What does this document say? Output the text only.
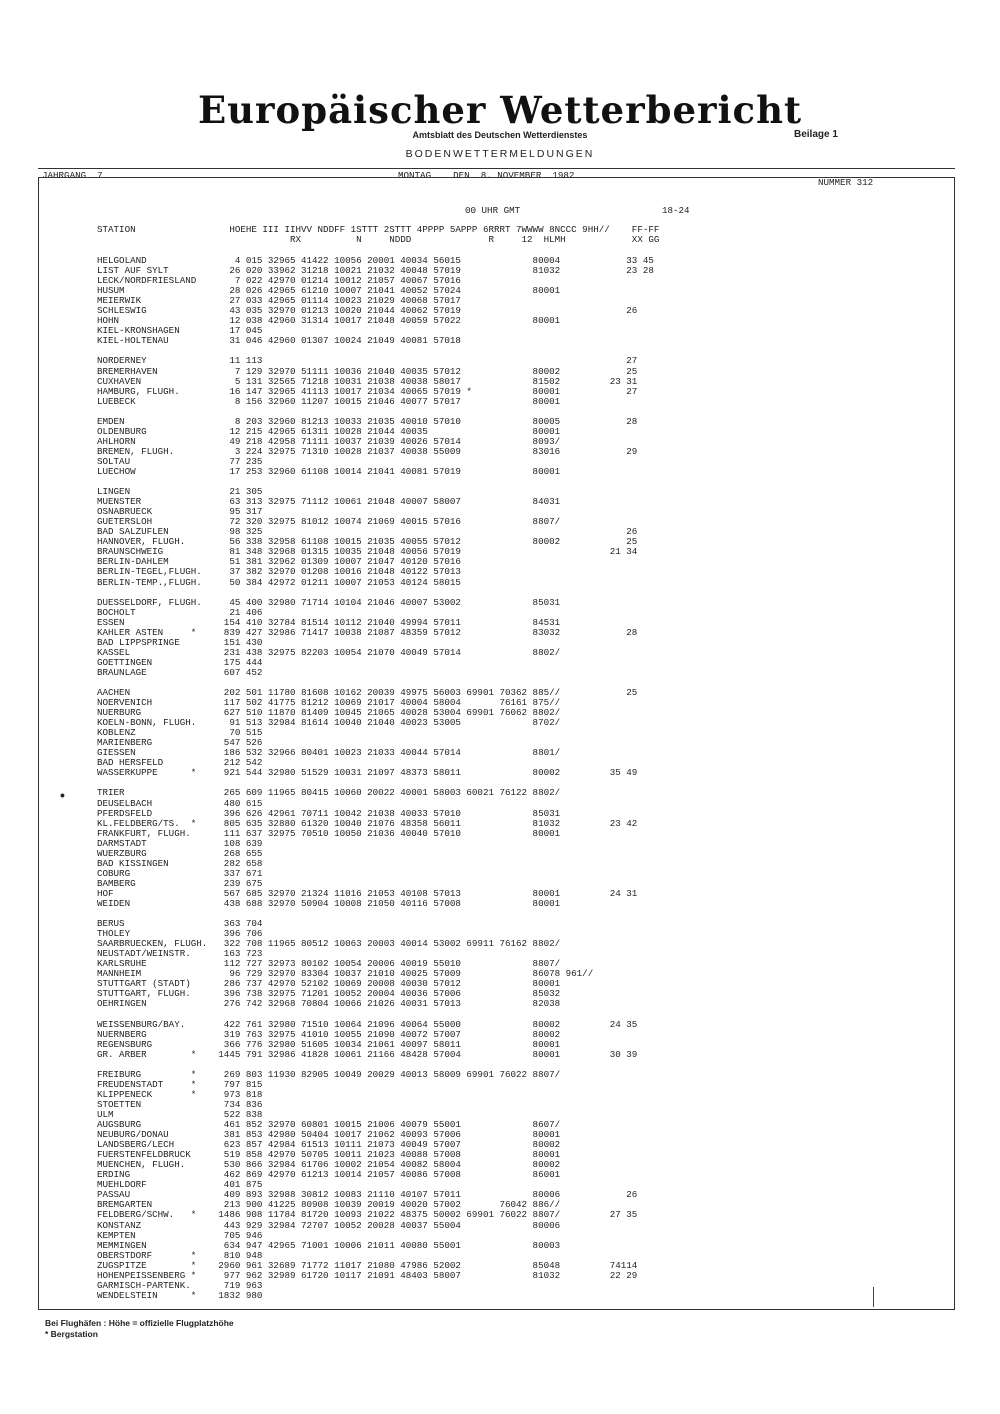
Europäischer Wetterbericht
Amtsblatt des Deutschen Wetterdienstes	Beilage 1
BODENWETTERMELDUNGEN
JAHRGANG  7	MONTAG    DEN  8. NOVEMBER  1982
NUMMER 312
00 UHR GMT	18-24
STATION                 HOEHE III IIHVV NDDFF 1STTT 2STTT 4PPPP 5APPP 6RRRT 7WWWW 8NCCC 9HH//    FF-FF
RX          N     NDDD              R     12  HLMH            XX GG
HELGOLAND                4 015 32965 41422 10056 20001 40034 56015             80004            33 45
LIST AUF SYLT           26 020 33962 31218 10021 21032 40048 57019             81032            23 28
LECK/NORDFRIESLAND       7 022 42970 01214 10012 21057 40067 57016
HUSUM                   28 026 42965 61210 10007 21041 40052 57024             80001
MEIERWIK                27 033 42965 01114 10023 21029 40068 57017
SCHLESWIG               43 035 32970 01213 10020 21044 40062 57019                              26
HOHN                    12 038 42960 31314 10017 21048 40059 57022             80001
KIEL-KRONSHAGEN         17 045
KIEL-HOLTENAU           31 046 42960 01307 10024 21049 40081 57018
NORDERNEY               11 113                                                                  27
BREMERHAVEN              7 129 32970 51111 10036 21040 40035 57012             80002            25
CUXHAVEN                 5 131 32565 71218 10031 21038 40038 58017             81502         23 31
HAMBURG, FLUGH.         16 147 32965 41113 10017 21034 40065 57019 *           80001            27
LUEBECK                  8 156 32960 11207 10015 21046 40077 57017             80001
EMDEN                    8 203 32960 81213 10033 21035 40010 57010             80005            28
OLDENBURG               12 215 42965 61311 10028 21044 40035                   80001
AHLHORN                 49 218 42958 71111 10037 21039 40026 57014             8093/
BREMEN, FLUGH.           3 224 32975 71310 10028 21037 40038 55009             83016            29
SOLTAU                  77 235
LUECHOW                 17 253 32960 61108 10014 21041 40081 57019             80001
LINGEN                  21 305
MUENSTER                63 313 32975 71112 10061 21048 40007 58007             84031
OSNABRUECK              95 317
GUETERSLOH              72 320 32975 81012 10074 21069 40015 57016             8807/
BAD SALZUFLEN           98 325                                                                  26
HANNOVER, FLUGH.        56 338 32958 61108 10015 21035 40055 57012             80002            25
BRAUNSCHWEIG            81 348 32968 01315 10035 21048 40056 57019                           21 34
BERLIN-DAHLEM           51 381 32962 01309 10007 21047 40120 57016
BERLIN-TEGEL,FLUGH.     37 382 32970 01208 10016 21048 40122 57013
BERLIN-TEMP.,FLUGH.     50 384 42972 01211 10007 21053 40124 58015
DUESSELDORF, FLUGH.     45 400 32980 71714 10104 21046 40007 53002             85031
BOCHOLT                 21 406
ESSEN                  154 410 32784 81514 10112 21040 49994 57011             84531
KAHLER ASTEN     *     839 427 32986 71417 10038 21087 48359 57012             83032            28
BAD LIPPSPRINGE        151 430
KASSEL                 231 438 32975 82203 10054 21070 40049 57014             8802/
GOETTINGEN             175 444
BRAUNLAGE              607 452
AACHEN                 202 501 11780 81608 10162 20039 49975 56003 69901 70362 885//            25
NOERVENICH             117 502 41775 81212 10069 21017 40004 58004       76161 875//
NUERBURG               627 510 11870 81409 10045 21065 40028 53004 69901 76062 8802/
KOELN-BONN, FLUGH.      91 513 32984 81614 10040 21040 40023 53005             8702/
KOBLENZ                 70 515
MARIENBERG             547 526
GIESSEN                186 532 32966 80401 10023 21033 40044 57014             8801/
BAD HERSFELD           212 542
WASSERKUPPE      *     921 544 32980 51529 10031 21097 48373 58011             80002         35 49
TRIER                  265 609 11965 80415 10060 20022 40001 58003 60021 76122 8802/
DEUSELBACH             480 615
PFERDSFELD             396 626 42961 70711 10042 21038 40033 57010             85031
KL.FELDBERG/TS.  *     805 635 32880 61320 10040 21076 48358 56011             81032         23 42
FRANKFURT, FLUGH.      111 637 32975 70510 10050 21036 40040 57010             80001
DARMSTADT              108 639
WUERZBURG              268 655
BAD KISSINGEN          282 658
COBURG                 337 671
BAMBERG                239 675
HOF                    567 685 32970 21324 11016 21053 40108 57013             80001         24 31
WEIDEN                 438 688 32970 50904 10008 21050 40116 57008             80001
BERUS                  363 704
THOLEY                 396 706
SAARBRUECKEN, FLUGH.   322 708 11965 80512 10063 20003 40014 53002 69911 76162 8802/
NEUSTADT/WEINSTR.      163 723
KARLSRUHE              112 727 32973 80102 10054 20006 40019 55010             8807/
MANNHEIM                96 729 32970 83304 10037 21010 40025 57009             86078 961//
STUTTGART (STADT)      286 737 42970 52102 10069 20008 40030 57012             80001
STUTTGART, FLUGH.      396 738 32975 71201 10052 20004 40036 57006             85032
OEHRINGEN              276 742 32968 70804 10066 21026 40031 57013             82038
WEISSENBURG/BAY.       422 761 32980 71510 10064 21096 40064 55000             80002         24 35
NUERNBERG              319 763 32975 41010 10055 21090 40072 57007             80002
REGENSBURG             366 776 32980 51605 10034 21061 40097 58011             80001
GR. ARBER        *    1445 791 32986 41828 10061 21166 48428 57004             80001         30 39
FREIBURG         *     269 803 11930 82905 10049 20029 40013 58009 69901 76022 8807/
FREUDENSTADT     *     797 815
KLIPPENECK       *     973 818
STOETTEN               734 836
ULM                    522 838
AUGSBURG               461 852 32970 60801 10015 21006 40079 55001             8607/
NEUBURG/DONAU          381 853 42980 50404 10017 21062 40093 57006             80001
LANDSBERG/LECH         623 857 42984 61513 10111 21073 40049 57007             80002
FUERSTENFELDBRUCK      519 858 42970 50705 10011 21023 40088 57008             80001
MUENCHEN, FLUGH.       530 866 32984 61706 10002 21054 40082 58004             80002
ERDING                 462 869 42970 61213 10014 21057 40086 57008             86001
MUEHLDORF              401 875
PASSAU                 409 893 32988 30812 10083 21110 40107 57011             80006            26
BREMGARTEN             213 900 41225 80908 10039 20019 40020 57002       76042 886//
FELDBERG/SCHW.   *    1486 908 11784 81720 10093 21022 48375 50002 69901 76022 8807/         27 35
KONSTANZ               443 929 32984 72707 10052 20028 40037 55004             80006
KEMPTEN                705 946
MEMMINGEN              634 947 42965 71001 10006 21011 40080 55001             80003
OBERSTDORF       *     810 948
ZUGSPITZE        *    2960 961 32689 71772 11017 21080 47986 52002             85048         74114
HOHENPEISSENBERG *     977 962 32989 61720 10117 21091 48403 58007             81032         22 29
GARMISCH-PARTENK.      719 963
WENDELSTEIN      *    1832 980
•
Bei Flughäfen : Höhe = offizielle Flugplatzhöhe
* Bergstation
